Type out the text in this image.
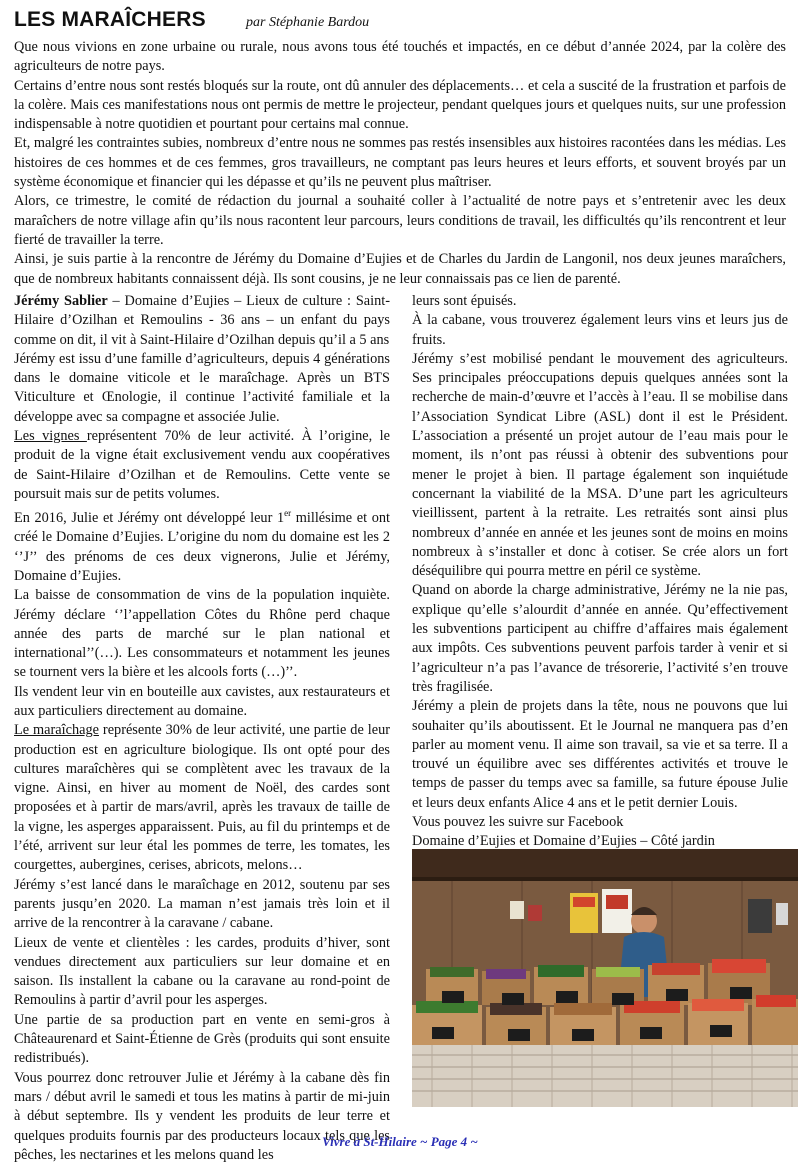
LES MARAÎCHERS	par Stéphanie Bardou

Que nous vivions en zone urbaine ou rurale, nous avons tous été touchés et impactés, en ce début d’année 2024, par la colère des agriculteurs de notre pays.

Certains d’entre nous sont restés bloqués sur la route, ont dû annuler des déplacements… et cela a suscité de la frustration et parfois de la colère. Mais ces manifestations nous ont permis de mettre le projecteur, pendant quelques jours et quelques nuits, sur une profession indispensable à notre quotidien et pourtant pour certains mal connue.

Et, malgré les contraintes subies, nombreux d’entre nous ne sommes pas restés insensibles aux histoires racontées dans les médias. Les histoires de ces hommes et de ces femmes, gros travailleurs, ne comptant pas leurs heures et leurs efforts, et souvent broyés par un système économique et financier qui les dépasse et qu’ils ne peuvent plus maîtriser.

Alors, ce trimestre, le comité de rédaction du journal a souhaité coller à l’actualité de notre pays et s’entretenir avec les deux maraîchers de notre village afin qu’ils nous racontent leur parcours, leurs conditions de travail, les difficultés qu’ils rencontrent et leur fierté de travailler la terre.

Ainsi, je suis partie à la rencontre de Jérémy du Domaine d’Eujies et de Charles du Jardin de Langonil, nos deux jeunes maraîchers, que de nombreux habitants connaissent déjà. Ils sont cousins, je ne leur connaissais pas ce lien de parenté.

Jérémy Sablier – Domaine d’Eujies – Lieux de culture : Saint-Hilaire d’Ozilhan et Remoulins - 36 ans – un enfant du pays comme on dit, il vit à Saint-Hilaire d’Ozilhan depuis qu’il a 5 ans

Jérémy est issu d’une famille d’agriculteurs, depuis 4 générations dans le domaine viticole et le maraîchage. Après un BTS Viticulture et Œnologie, il continue l’activité familiale et la développe avec sa compagne et associée Julie.

Les vignes représentent 70% de leur activité. À l’origine, le produit de la vigne était exclusivement vendu aux coopératives de Saint-Hilaire d’Ozilhan et de Remoulins. Cette vente se poursuit mais sur de petits volumes.

En 2016, Julie et Jérémy ont développé leur 1er millésime et ont créé le Domaine d’Eujies. L’origine du nom du domaine est les 2 ‘’J’’ des prénoms de ces deux vignerons, Julie et Jérémy, Domaine d’Eujies.

La baisse de consommation de vins de la population inquiète. Jérémy déclare ‘’l’appellation Côtes du Rhône perd chaque année des parts de marché sur le plan national et international’’(…). Les consommateurs et notamment les jeunes se tournent vers la bière et les alcools forts (…)’’.

Ils vendent leur vin en bouteille aux cavistes, aux restaurateurs et aux particuliers directement au domaine.

Le maraîchage représente 30% de leur activité, une partie de leur production est en agriculture biologique. Ils ont opté pour des cultures maraîchères qui se complètent avec les travaux de la vigne. Ainsi, en hiver au moment de Noël, des cardes sont proposées et à partir de mars/avril, après les travaux de taille de la vigne, les asperges apparaissent. Puis, au fil du printemps et de l’été, arrivent sur leur étal les pommes de terre, les tomates, les courgettes, aubergines, cerises, abricots, melons…

Jérémy s’est lancé dans le maraîchage en 2012, soutenu par ses parents jusqu’en 2020. La maman n’est jamais très loin et il arrive de la rencontrer à la caravane / cabane.

Lieux de vente et clientèles : les cardes, produits d’hiver, sont vendues directement aux particuliers sur leur domaine et en saison. Ils installent la cabane ou la caravane au rond-point de Remoulins à partir d’avril pour les asperges.

Une partie de sa production part en vente en semi-gros à Châteaurenard et Saint-Étienne de Grès (produits qui sont ensuite redistribués).

Vous pourrez donc retrouver Julie et Jérémy à la cabane dès fin mars / début avril le samedi et tous les matins à partir de mi-juin à début septembre. Ils y vendent les produits de leur terre et quelques produits fournis par des producteurs locaux tels que les pêches, les nectarines et les melons quand les

leurs sont épuisés.

À la cabane, vous trouverez également leurs vins et leurs jus de fruits.

Jérémy s’est mobilisé pendant le mouvement des agriculteurs. Ses principales préoccupations depuis quelques années sont la recherche de main-d’œuvre et l’accès à l’eau. Il se mobilise dans l’Association Syndicat Libre (ASL) dont il est le Président. L’association a présenté un projet autour de l’eau mais pour le moment, ils n’ont pas réussi à obtenir des subventions pour mener le projet à bien. Il partage également son inquiétude concernant la viabilité de la MSA. D’une part les agriculteurs vieillissent, partent à la retraite. Les retraités sont ainsi plus nombreux d’année en année et les jeunes sont de moins en moins nombreux à s’installer et donc à cotiser. Se crée alors un fort déséquilibre qui pourra mettre en péril ce système.

Quand on aborde la charge administrative, Jérémy ne la nie pas, explique qu’elle s’alourdit d’année en année. Qu’effectivement les subventions participent au chiffre d’affaires mais également aux impôts. Ces subventions peuvent parfois tarder à venir et si l’agriculteur n’a pas l’avance de trésorerie, l’activité s’en trouve très fragilisée.

Jérémy a plein de projets dans la tête, nous ne pouvons que lui souhaiter qu’ils aboutissent. Et le Journal ne manquera pas d’en parler au moment venu. Il aime son travail, sa vie et sa terre. Il a trouvé un équilibre avec ses différentes activités et trouve le temps de passer du temps avec sa famille, sa future épouse Julie et leurs deux enfants Alice 4 ans et le petit dernier Louis.

Vous pouvez les suivre sur Facebook

Domaine d’Eujies et Domaine d’Eujies – Côté jardin

Vivre à St-Hilaire ~ Page 4 ~
